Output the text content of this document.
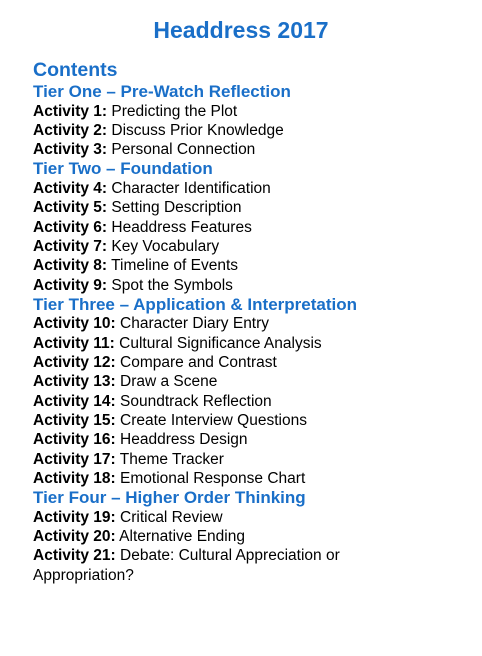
Headdress 2017
Contents
Tier One – Pre-Watch Reflection
Activity 1: Predicting the Plot
Activity 2: Discuss Prior Knowledge
Activity 3: Personal Connection
Tier Two – Foundation
Activity 4: Character Identification
Activity 5: Setting Description
Activity 6: Headdress Features
Activity 7: Key Vocabulary
Activity 8: Timeline of Events
Activity 9: Spot the Symbols
Tier Three – Application & Interpretation
Activity 10: Character Diary Entry
Activity 11: Cultural Significance Analysis
Activity 12: Compare and Contrast
Activity 13: Draw a Scene
Activity 14: Soundtrack Reflection
Activity 15: Create Interview Questions
Activity 16: Headdress Design
Activity 17: Theme Tracker
Activity 18: Emotional Response Chart
Tier Four – Higher Order Thinking
Activity 19: Critical Review
Activity 20: Alternative Ending
Activity 21: Debate: Cultural Appreciation or Appropriation?
